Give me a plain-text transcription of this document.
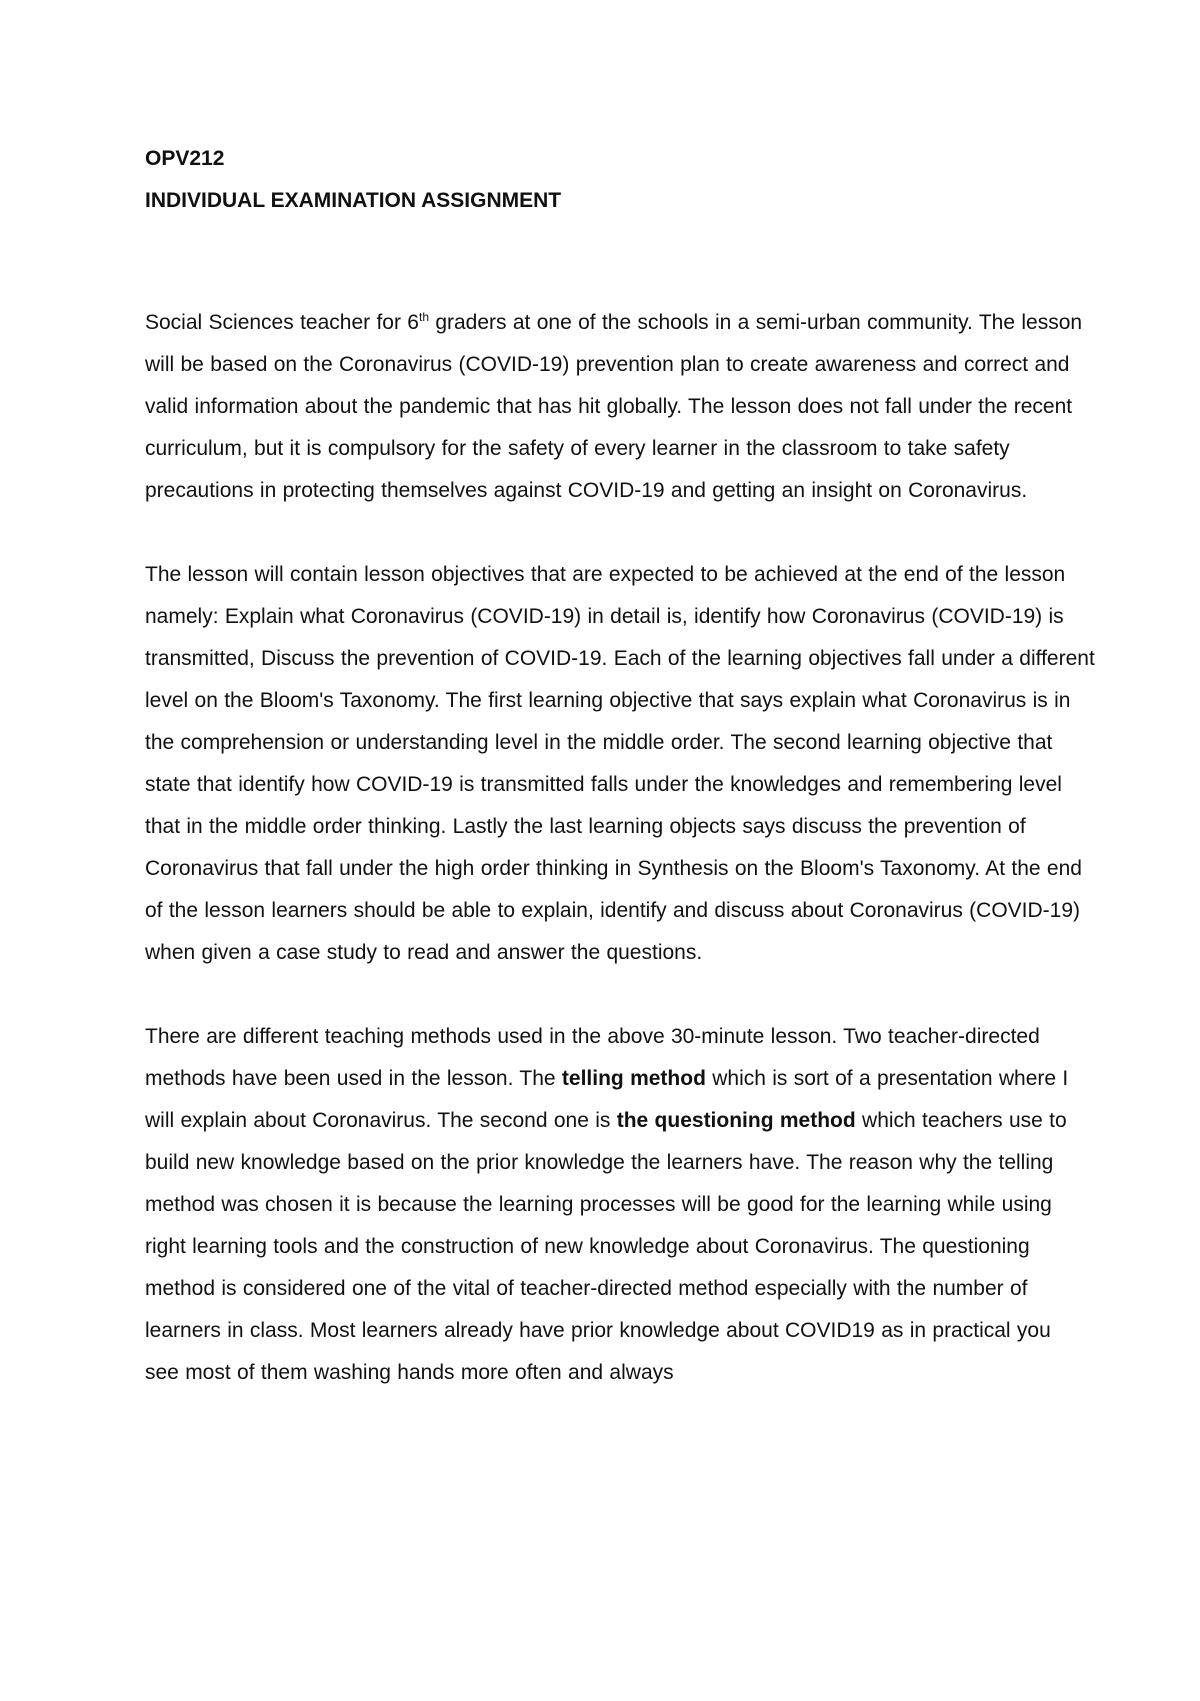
OPV212

INDIVIDUAL EXAMINATION ASSIGNMENT

Social Sciences teacher for 6th graders at one of the schools in a semi-urban community. The lesson will be based on the Coronavirus (COVID-19) prevention plan to create awareness and correct and valid information about the pandemic that has hit globally. The lesson does not fall under the recent curriculum, but it is compulsory for the safety of every learner in the classroom to take safety precautions in protecting themselves against COVID-19 and getting an insight on Coronavirus.

The lesson will contain lesson objectives that are expected to be achieved at the end of the lesson namely: Explain what Coronavirus (COVID-19) in detail is, identify how Coronavirus (COVID-19) is transmitted, Discuss the prevention of COVID-19. Each of the learning objectives fall under a different level on the Bloom's Taxonomy. The first learning objective that says explain what Coronavirus is in the comprehension or understanding level in the middle order. The second learning objective that state that identify how COVID-19 is transmitted falls under the knowledges and remembering level that in the middle order thinking. Lastly the last learning objects says discuss the prevention of Coronavirus that fall under the high order thinking in Synthesis on the Bloom's Taxonomy. At the end of the lesson learners should be able to explain, identify and discuss about Coronavirus (COVID-19) when given a case study to read and answer the questions.

There are different teaching methods used in the above 30-minute lesson. Two teacher-directed methods have been used in the lesson. The telling method which is sort of a presentation where I will explain about Coronavirus. The second one is the questioning method which teachers use to build new knowledge based on the prior knowledge the learners have. The reason why the telling method was chosen it is because the learning processes will be good for the learning while using right learning tools and the construction of new knowledge about Coronavirus. The questioning method is considered one of the vital of teacher-directed method especially with the number of learners in class. Most learners already have prior knowledge about COVID19 as in practical you see most of them washing hands more often and always
